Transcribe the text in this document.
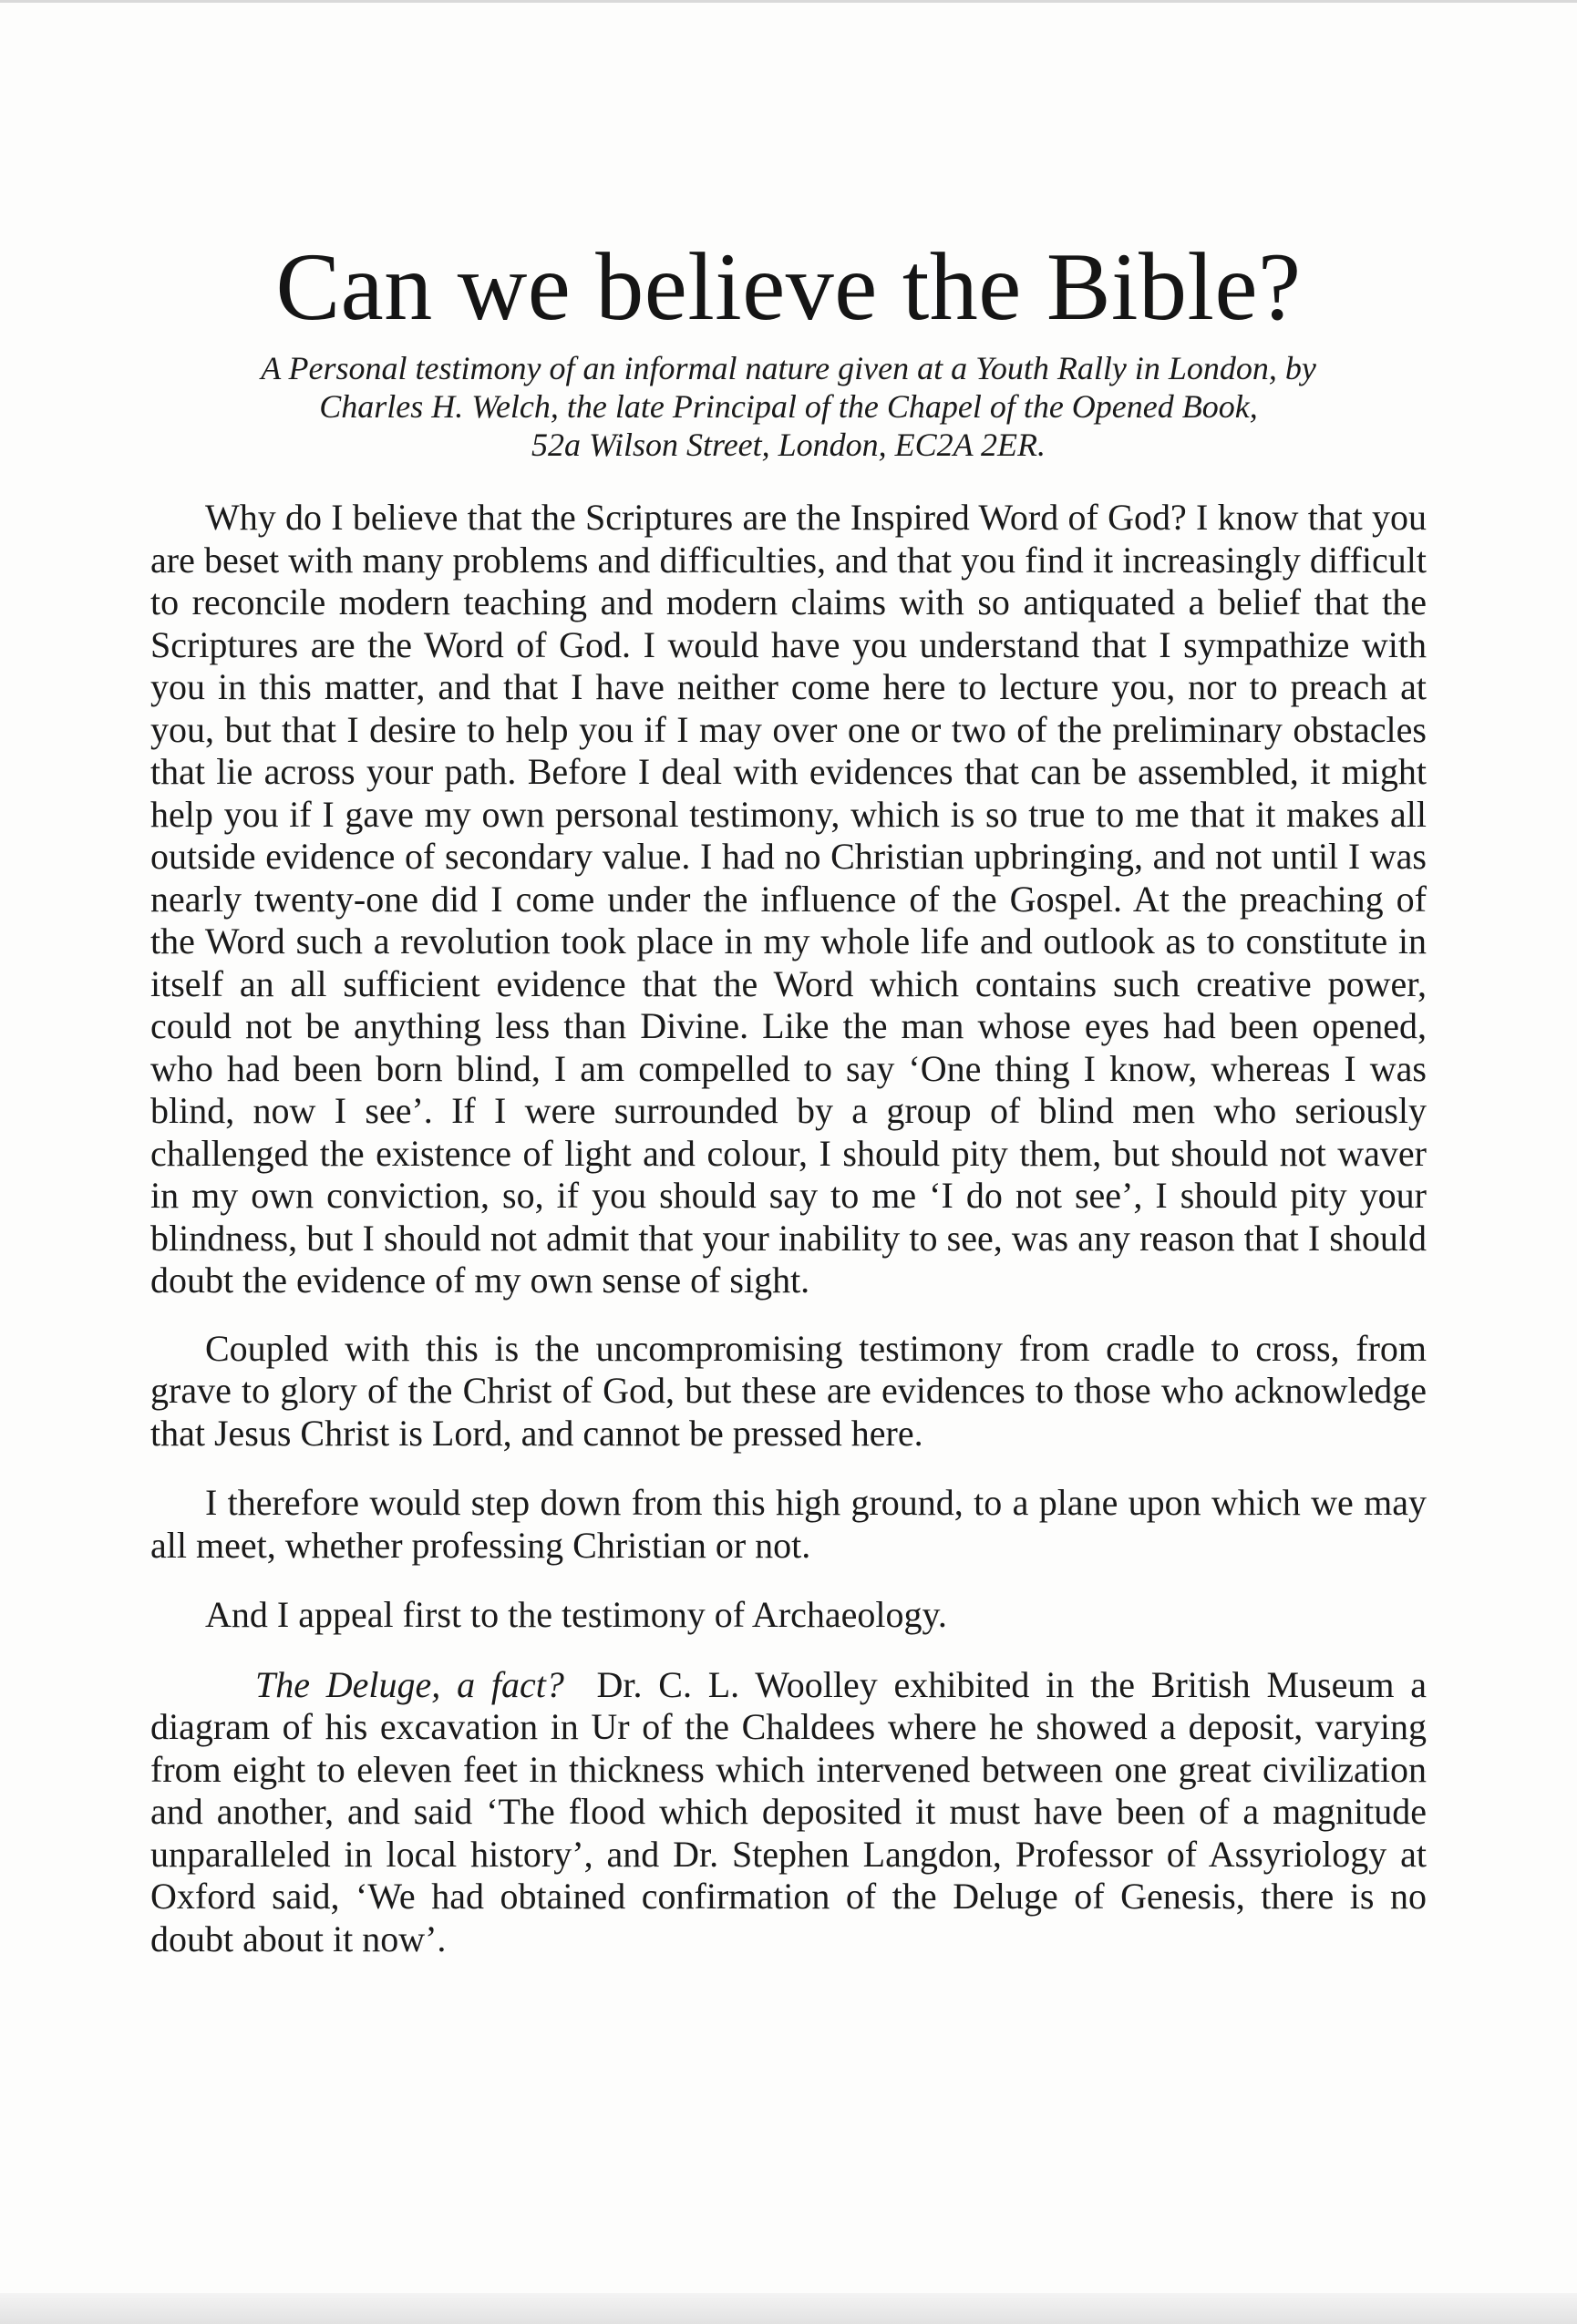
Can we believe the Bible?
A Personal testimony of an informal nature given at a Youth Rally in London, by
Charles H. Welch, the late Principal of the Chapel of the Opened Book,
52a Wilson Street, London, EC2A 2ER.

Why do I believe that the Scriptures are the Inspired Word of God? I know that you are beset with many problems and difficulties, and that you find it increasingly difficult to reconcile modern teaching and modern claims with so antiquated a belief that the Scriptures are the Word of God. I would have you understand that I sympathize with you in this matter, and that I have neither come here to lecture you, nor to preach at you, but that I desire to help you if I may over one or two of the preliminary obstacles that lie across your path. Before I deal with evidences that can be assembled, it might help you if I gave my own personal testimony, which is so true to me that it makes all outside evidence of secondary value. I had no Christian upbringing, and not until I was nearly twenty-one did I come under the influence of the Gospel. At the preaching of the Word such a revolution took place in my whole life and outlook as to constitute in itself an all sufficient evidence that the Word which contains such creative power, could not be anything less than Divine. Like the man whose eyes had been opened, who had been born blind, I am compelled to say ‘One thing I know, whereas I was blind, now I see’. If I were surrounded by a group of blind men who seriously challenged the existence of light and colour, I should pity them, but should not waver in my own conviction, so, if you should say to me ‘I do not see’, I should pity your blindness, but I should not admit that your inability to see, was any reason that I should doubt the evidence of my own sense of sight.

Coupled with this is the uncompromising testimony from cradle to cross, from grave to glory of the Christ of God, but these are evidences to those who acknowledge that Jesus Christ is Lord, and cannot be pressed here.

I therefore would step down from this high ground, to a plane upon which we may all meet, whether professing Christian or not.

And I appeal first to the testimony of Archaeology.

The Deluge, a fact? Dr. C. L. Woolley exhibited in the British Museum a diagram of his excavation in Ur of the Chaldees where he showed a deposit, varying from eight to eleven feet in thickness which intervened between one great civilization and another, and said ‘The flood which deposited it must have been of a magnitude unparalleled in local history’, and Dr. Stephen Langdon, Professor of Assyriology at Oxford said, ‘We had obtained confirmation of the Deluge of Genesis, there is no doubt about it now’.
